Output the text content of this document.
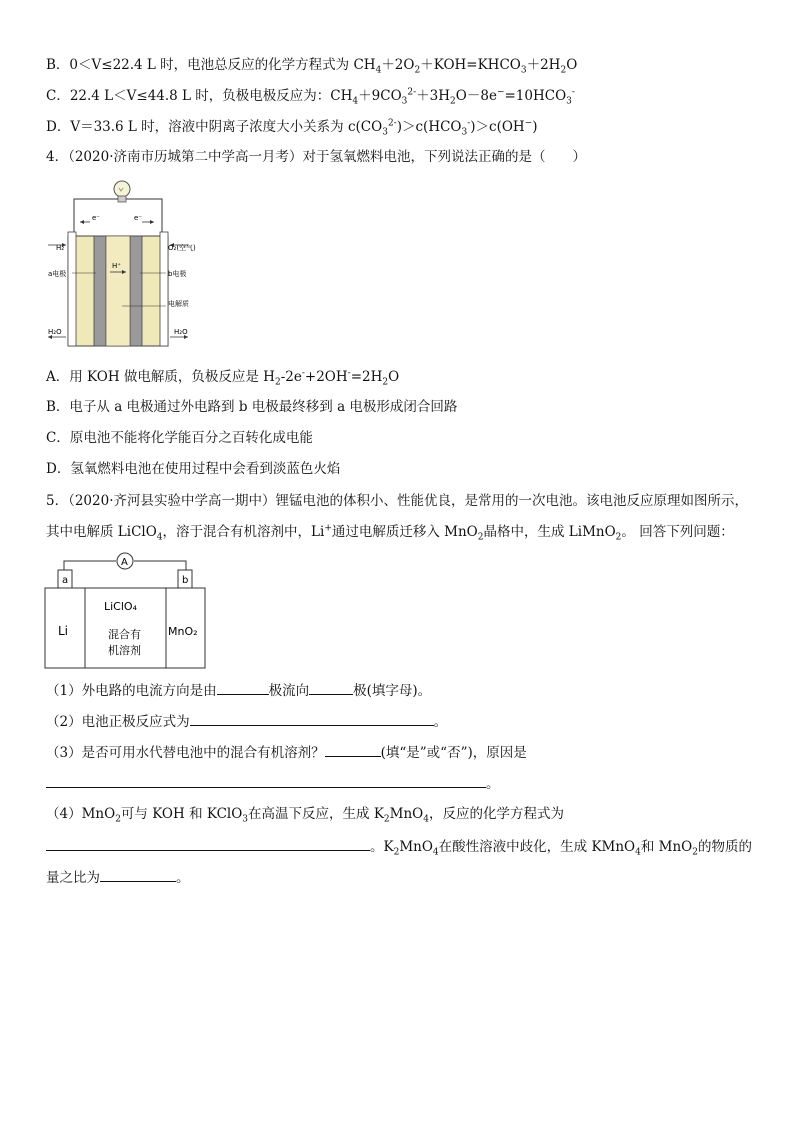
B．0＜V≤22.4 L 时，电池总反应的化学方程式为 $CH_4+2O_2+KOH=KHCO_3+2H_2O$
C．22.4 L＜V≤44.8 L 时，负极电极反应为：$CH_4+9CO_3^{2-}+3H_2O-8e^-=10HCO_3^-$
D．V＝33.6 L 时，溶液中阴离子浓度大小关系为 $c(CO_3^{2-})>c(HCO_3^-)>c(OH^-)$
4．（2020·济南市历城第二中学高一月考）对于氢氧燃料电池，下列说法正确的是（　　）
e⁻	e⁻
H₂	O₂(空气)
H⁺
a电极	b电极
电解质
H₂O	H₂O
A．用 KOH 做电解质，负极反应是 $H_2-2e^-+2OH^-=2H_2O$
B．电子从 a 电极通过外电路到 b 电极最终移到 a 电极形成闭合回路
C．原电池不能将化学能百分之百转化成电能
D．氢氧燃料电池在使用过程中会看到淡蓝色火焰
5．（2020·齐河县实验中学高一期中）锂锰电池的体积小、性能优良，是常用的一次电池。该电池反应原理如图所示，
其中电解质 LiClO$_4$，溶于混合有机溶剂中，Li+通过电解质迁移入 MnO$_2$晶格中，生成 LiMnO$_2$。 回答下列问题：
A
a	b
Li
LiClO₄
混合有
机溶剂
MnO₂
（1）外电路的电流方向是由	极流向	极(填字母)。
（2）电池正极反应式为	。
（3）是否可用水代替电池中的混合有机溶剂？	(填“是”或“否”)，原因是
。
（4）MnO$_2$可与 KOH 和 KClO$_3$在高温下反应，生成 $K_2MnO_4$，反应的化学方程式为
。$K_2MnO_4$在酸性溶液中歧化，生成 KMnO$_4$和 MnO$_2$的物质的
量之比为	。
